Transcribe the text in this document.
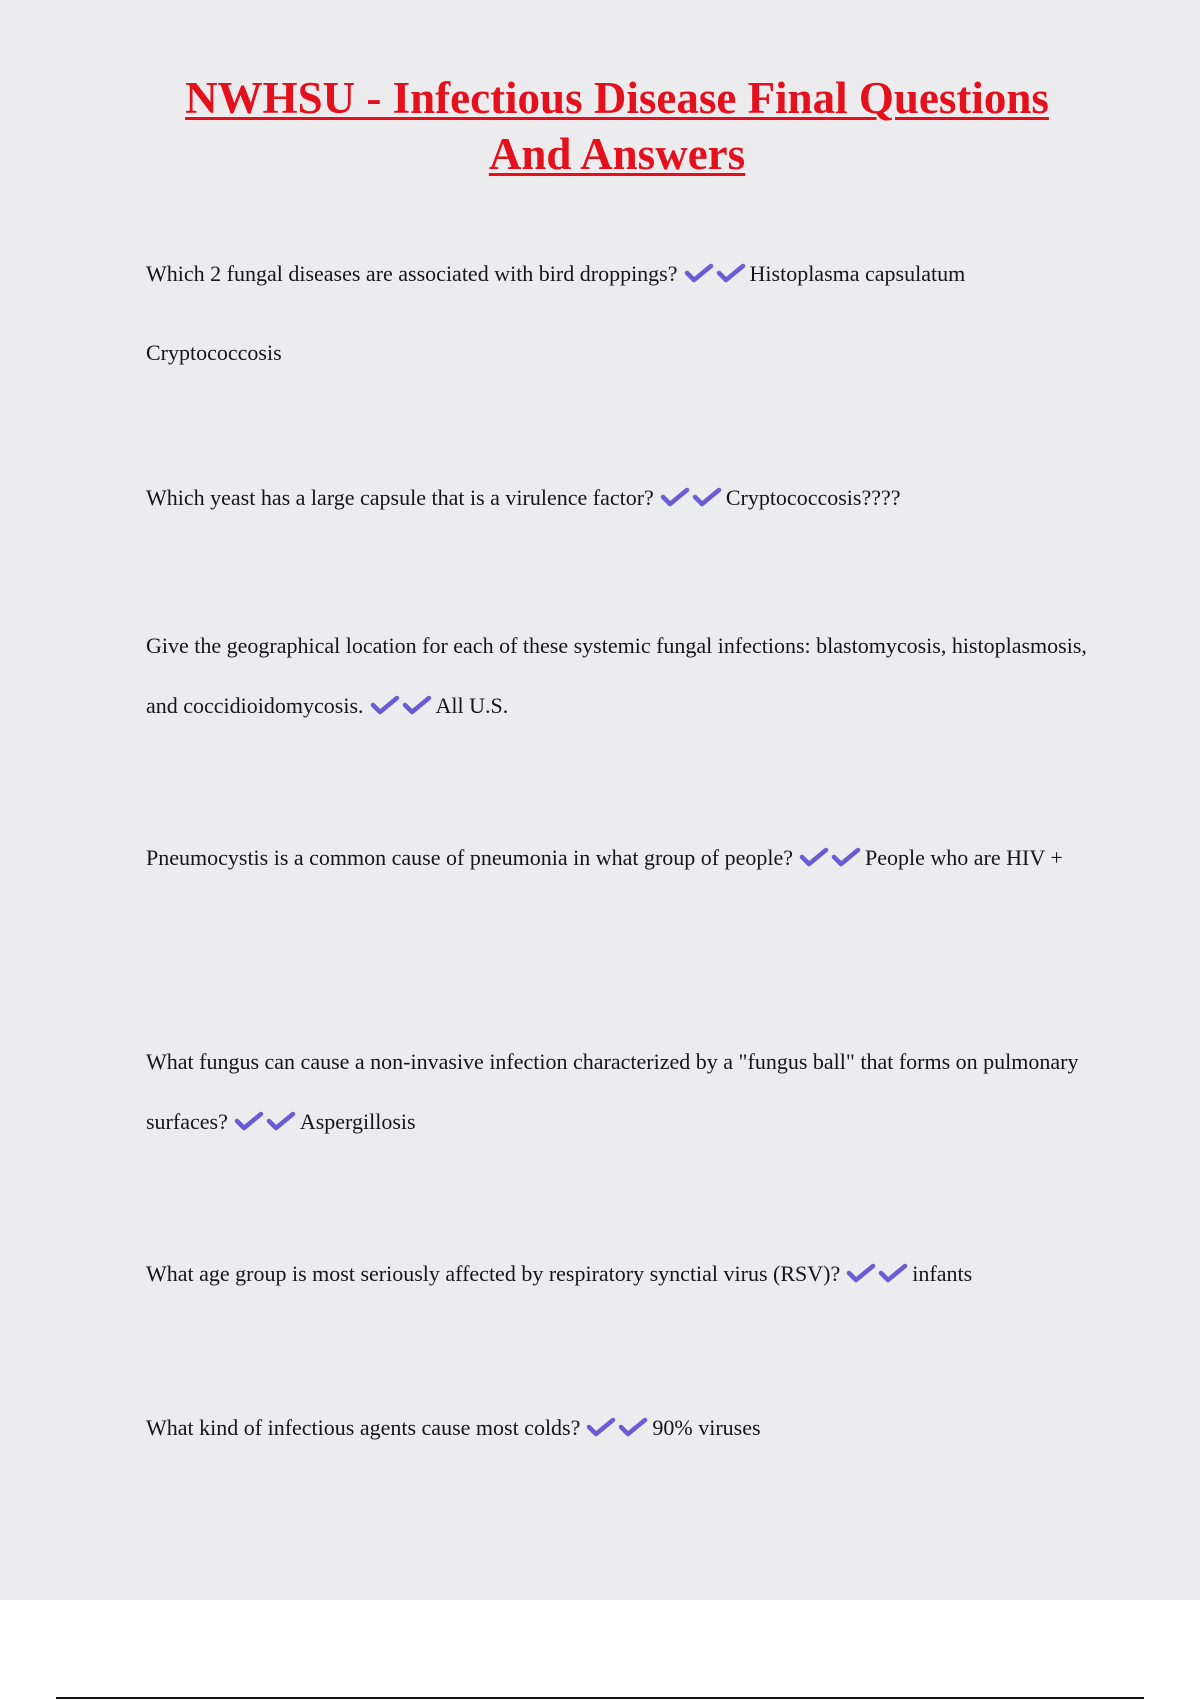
NWHSU - Infectious Disease Final Questions
And Answers
Which 2 fungal diseases are associated with bird droppings?	Histoplasma capsulatum
Cryptococcosis
Which yeast has a large capsule that is a virulence factor?	Cryptococcosis????
Give the geographical location for each of these systemic fungal infections: blastomycosis, histoplasmosis, and coccidioidomycosis.	All U.S.
Pneumocystis is a common cause of pneumonia in what group of people?	People who are HIV +
What fungus can cause a non-invasive infection characterized by a "fungus ball" that forms on pulmonary surfaces?	Aspergillosis
What age group is most seriously affected by respiratory synctial virus (RSV)?	infants
What kind of infectious agents cause most colds?	90% viruses
